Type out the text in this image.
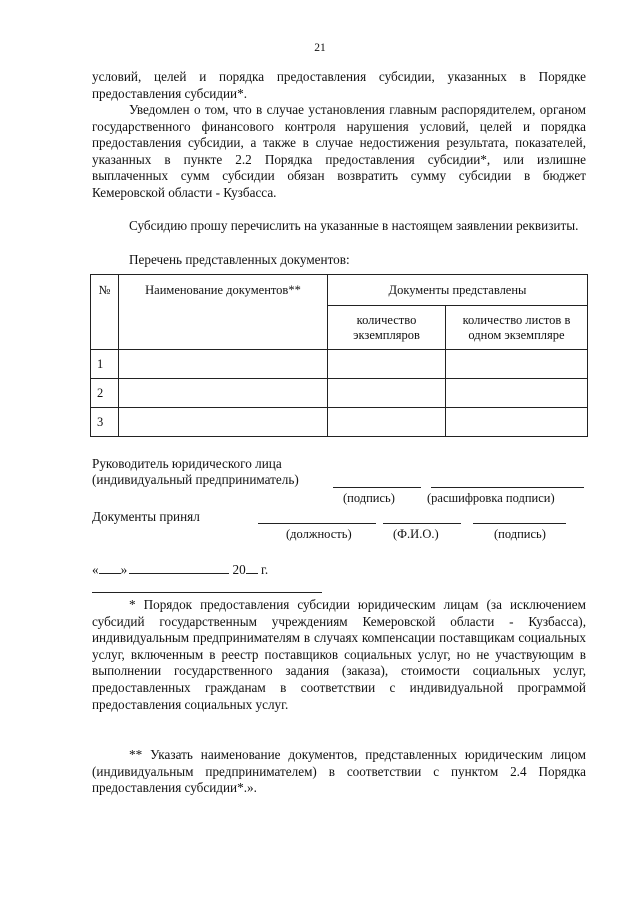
21

условий, целей и порядка предоставления субсидии, указанных в Порядке предоставления субсидии*.

Уведомлен о том, что в случае установления главным распорядителем, органом государственного финансового контроля нарушения условий, целей и порядка предоставления субсидии, а также в случае недостижения результата, показателей, указанных в пункте 2.2 Порядка предоставления субсидии*, или излишне выплаченных сумм субсидии обязан возвратить сумму субсидии в бюджет Кемеровской области - Кузбасса.

Субсидию прошу перечислить на указанные в настоящем заявлении реквизиты.

Перечень представленных документов:

№	Наименование документов**	Документы представлены	
		количество экземпляров	количество листов в одном экземпляре
1			
2			
3			
Руководитель юридического лица
(индивидуальный предприниматель)
(подпись)	(расшифровка подписи)
Документы принял
(должность)	(Ф.И.О.)	(подпись)
« »	20 г.

* Порядок предоставления субсидии юридическим лицам (за исключением субсидий государственным учреждениям Кемеровской области - Кузбасса), индивидуальным предпринимателям в случаях компенсации поставщикам социальных услуг, включенным в реестр поставщиков социальных услуг, но не участвующим в выполнении государственного задания (заказа), стоимости социальных услуг, предоставленных гражданам в соответствии с индивидуальной программой предоставления социальных услуг.

** Указать наименование документов, представленных юридическим лицом (индивидуальным предпринимателем) в соответствии с пунктом 2.4 Порядка предоставления субсидии*.».
